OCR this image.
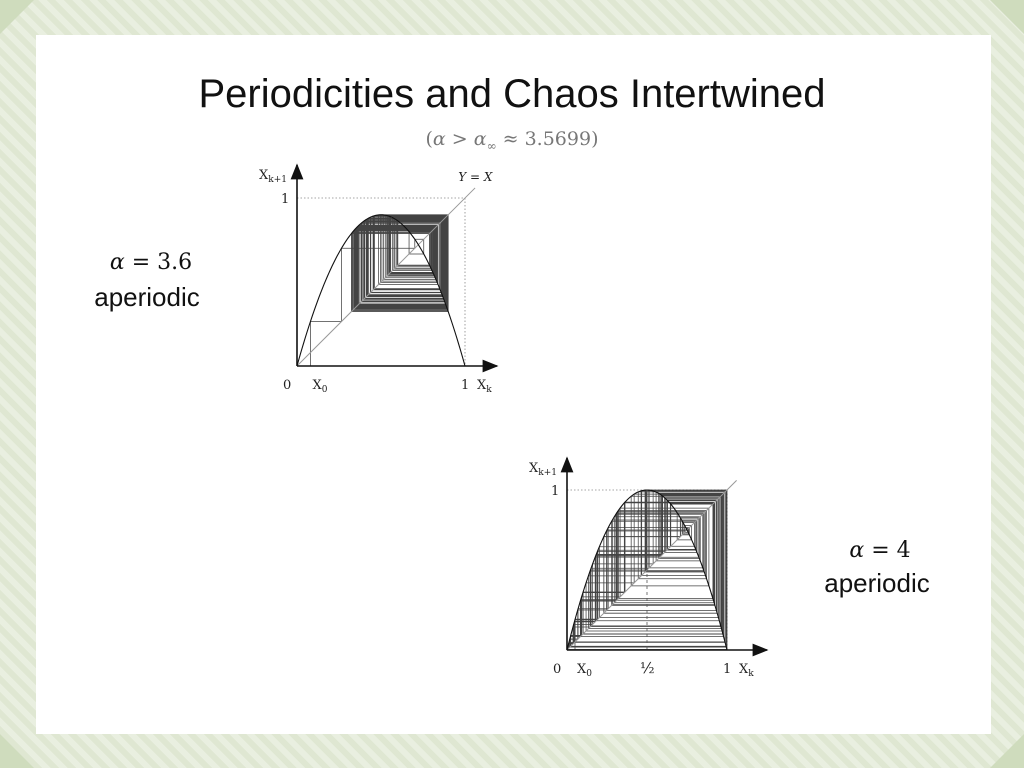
Periodicities and Chaos Intertwined
$(\alpha > \alpha_\infty \approx 3.5699)$
α = 3.6
aperiodic
α = 4
aperiodic
$X_{k+1}$
1
0 $X_0$	1 $X_k$
Y = X
$X_{k+1}$
1
0 $X_0$	1 $X_k$
½
